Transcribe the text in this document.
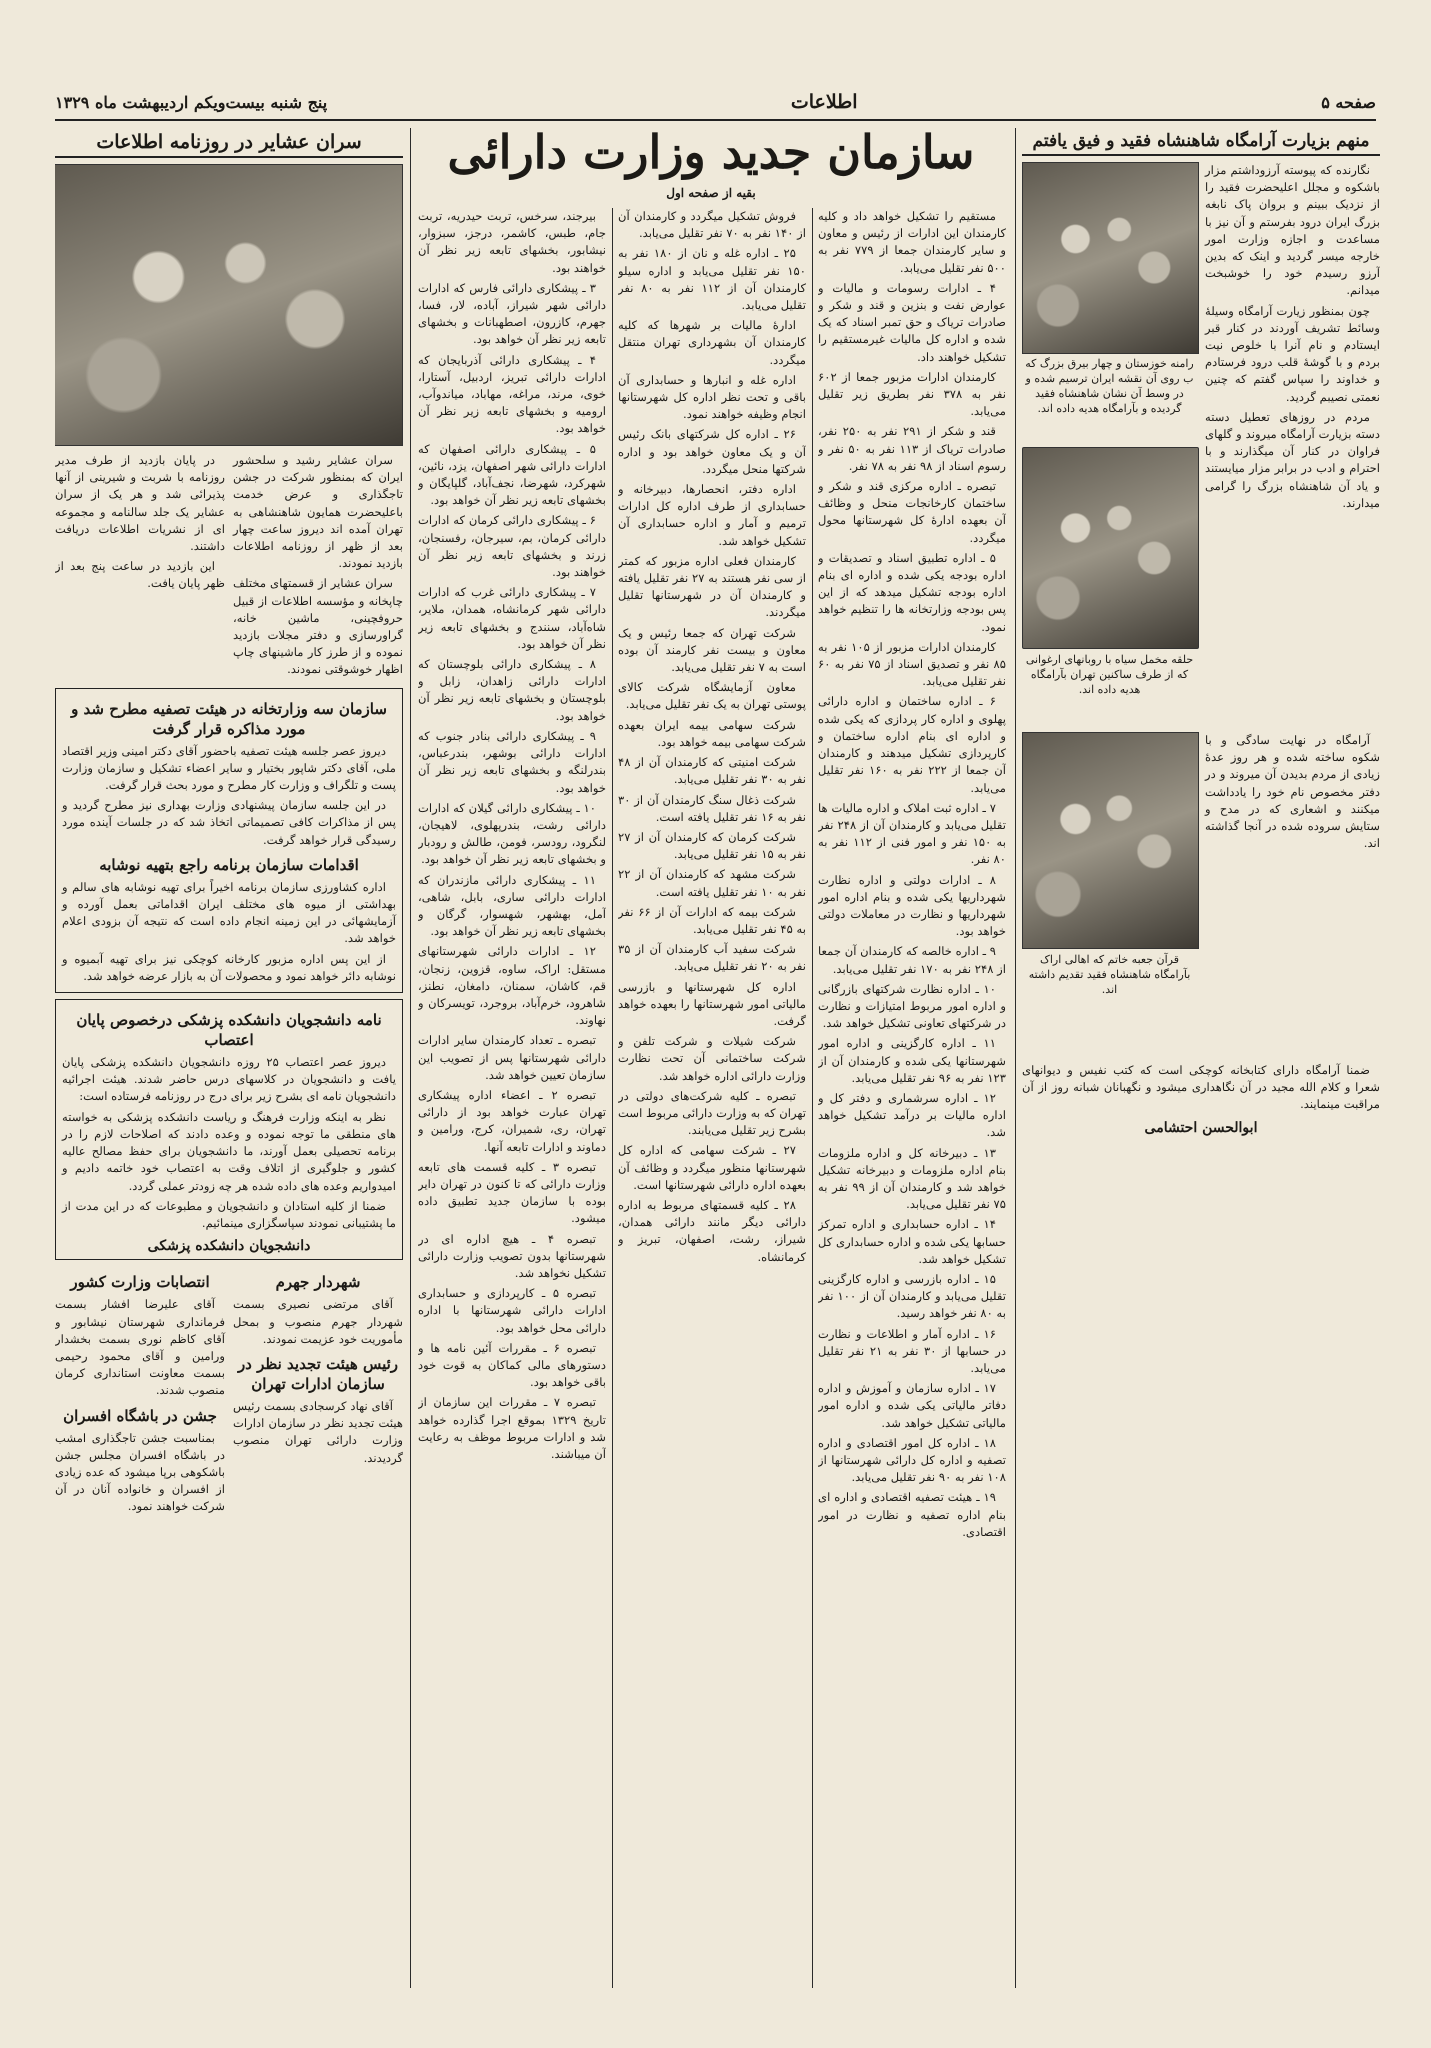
صفحه ۵
اطلاعات
پنج شنبه بیست‌ویکم اردیبهشت ماه ۱۳۲۹
منهم بزیارت آرامگاه شاهنشاه فقید و فیق یافتم
رامنه خوزستان و چهار بیرق بزرگ که ب روی آن نقشه ایران ترسیم شده و در وسط آن نشان شاهنشاه فقید گردیده و بآرامگاه هدیه داده اند.
حلقه مخمل سیاه با روبانهای ارغوانی که از طرف ساکنین تهران بآرامگاه هدیه داده اند.

نگارنده که پیوسته آرزوداشتم مزار باشکوه و مجلل اعلیحضرت فقید را از نزدیک ببینم و بروان پاک نابغه بزرگ ایران درود بفرستم و آن نیز با مساعدت و اجازه وزارت امور خارجه میسر گردید و اینک که بدین آرزو رسیدم خود را خوشبخت میدانم.

چون بمنظور زیارت آرامگاه وسیلهٔ وسائط تشریف آوردند در کنار قبر ایستادم و نام آنرا با خلوص نیت بردم و با گوشهٔ قلب درود فرستادم و خداوند را سپاس گفتم که چنین نعمتی نصیبم گردید.

مردم در روزهای تعطیل دسته دسته بزیارت آرامگاه میروند و گلهای فراوان در کنار آن میگذارند و با احترام و ادب در برابر مزار میایستند و یاد آن شاهنشاه بزرگ را گرامی میدارند.

قرآن جعبه خاتم که اهالی اراک بآرامگاه شاهنشاه فقید تقدیم داشته اند.

آرامگاه در نهایت سادگی و با شکوه ساخته شده و هر روز عدهٔ زیادی از مردم بدیدن آن میروند و در دفتر مخصوص نام خود را یادداشت میکنند و اشعاری که در مدح و ستایش سروده شده در آنجا گذاشته اند.

ضمنا آرامگاه دارای کتابخانه کوچکی است که کتب نفیس و دیوانهای شعرا و کلام الله مجید در آن نگاهداری میشود و نگهبانان شبانه روز از آن مراقبت مینمایند.

ابوالحسن احتشامی
سازمان جدید وزارت دارائی
بقیه از صفحه اول

مستقیم را تشکیل خواهد داد و کلیه کارمندان این ادارات از رئیس و معاون و سایر کارمندان جمعا از ۷۷۹ نفر به ۵۰۰ نفر تقلیل می‌یابد.

۴ ـ ادارات رسومات و مالیات و عوارض نفت و بنزین و قند و شکر و صادرات تریاک و حق تمبر اسناد که یک شده و اداره کل مالیات غیرمستقیم را تشکیل خواهند داد.

کارمندان ادارات مزبور جمعا از ۶۰۲ نفر به ۳۷۸ نفر بطریق زیر تقلیل می‌یابد.

قند و شکر از ۲۹۱ نفر به ۲۵۰ نفر، صادرات تریاک از ۱۱۳ نفر به ۵۰ نفر و رسوم اسناد از ۹۸ نفر به ۷۸ نفر.

تبصره ـ اداره مرکزی قند و شکر و ساختمان کارخانجات منحل و وظائف آن بعهده ادارهٔ کل شهرستانها محول میگردد.

۵ ـ اداره تطبیق اسناد و تصدیقات و اداره بودجه یکی شده و اداره ای بنام اداره بودجه تشکیل میدهد که از این پس بودجه وزارتخانه ها را تنظیم خواهد نمود.

کارمندان ادارات مزبور از ۱۰۵ نفر به ۸۵ نفر و تصدیق اسناد از ۷۵ نفر به ۶۰ نفر تقلیل می‌یابد.

۶ ـ اداره ساختمان و اداره دارائی پهلوی و اداره کار پردازی که یکی شده و اداره ای بنام اداره ساختمان و کارپردازی تشکیل میدهند و کارمندان آن جمعا از ۲۲۲ نفر به ۱۶۰ نفر تقلیل می‌یابد.

۷ ـ اداره ثبت املاک و اداره مالیات ها تقلیل می‌یابد و کارمندان آن از ۲۴۸ نفر به ۱۵۰ نفر و امور فنی از ۱۱۲ نفر به ۸۰ نفر.

۸ ـ ادارات دولتی و اداره نظارت شهرداریها یکی شده و بنام اداره امور شهرداریها و نظارت در معاملات دولتی خواهد بود.

۹ ـ اداره خالصه که کارمندان آن جمعا از ۲۴۸ نفر به ۱۷۰ نفر تقلیل می‌یابد.

۱۰ ـ اداره نظارت شرکتهای بازرگانی و اداره امور مربوط امتیازات و نظارت در شرکتهای تعاونی تشکیل خواهد شد.

۱۱ ـ اداره کارگزینی و اداره امور شهرستانها یکی شده و کارمندان آن از ۱۲۳ نفر به ۹۶ نفر تقلیل می‌یابد.

۱۲ ـ اداره سرشماری و دفتر کل و اداره مالیات بر درآمد تشکیل خواهد شد.

۱۳ ـ دبیرخانه کل و اداره ملزومات بنام اداره ملزومات و دبیرخانه تشکیل خواهد شد و کارمندان آن از ۹۹ نفر به ۷۵ نفر تقلیل می‌یابد.

۱۴ ـ اداره حسابداری و اداره تمرکز حسابها یکی شده و اداره حسابداری کل تشکیل خواهد شد.

۱۵ ـ اداره بازرسی و اداره کارگزینی تقلیل می‌یابد و کارمندان آن از ۱۰۰ نفر به ۸۰ نفر خواهد رسید.

۱۶ ـ اداره آمار و اطلاعات و نظارت در حسابها از ۳۰ نفر به ۲۱ نفر تقلیل می‌یابد.

۱۷ ـ اداره سازمان و آموزش و اداره دفاتر مالیاتی یکی شده و اداره امور مالیاتی تشکیل خواهد شد.

۱۸ ـ اداره کل امور اقتصادی و اداره تصفیه و اداره کل دارائی شهرستانها از ۱۰۸ نفر به ۹۰ نفر تقلیل می‌یابد.

۱۹ ـ هیئت تصفیه اقتصادی و اداره ای بنام اداره تصفیه و نظارت در امور اقتصادی.

فروش تشکیل میگردد و کارمندان آن از ۱۴۰ نفر به ۷۰ نفر تقلیل می‌یابد.

۲۵ ـ اداره غله و نان از ۱۸۰ نفر به ۱۵۰ نفر تقلیل می‌یابد و اداره سیلو کارمندان آن از ۱۱۲ نفر به ۸۰ نفر تقلیل می‌یابد.

ادارهٔ مالیات بر شهرها که کلیه کارمندان آن بشهرداری تهران منتقل میگردد.

اداره غله و انبارها و حسابداری آن باقی و تحت نظر اداره کل شهرستانها انجام وظیفه خواهند نمود.

۲۶ ـ اداره کل شرکتهای بانک رئیس آن و یک معاون خواهد بود و اداره شرکتها منحل میگردد.

اداره دفتر، انحصارها، دبیرخانه و حسابداری از طرف اداره کل ادارات ترمیم و آمار و اداره حسابداری آن تشکیل خواهد شد.

کارمندان فعلی اداره مزبور که کمتر از سی نفر هستند به ۲۷ نفر تقلیل یافته و کارمندان آن در شهرستانها تقلیل میگردند.

شرکت تهران که جمعا رئیس و یک معاون و بیست نفر کارمند آن بوده است به ۷ نفر تقلیل می‌یابد.

معاون آزمایشگاه شرکت کالای پوستی تهران به یک نفر تقلیل می‌یابد.

شرکت سهامی بیمه ایران بعهده شرکت سهامی بیمه خواهد بود.

شرکت امنیتی که کارمندان آن از ۴۸ نفر به ۳۰ نفر تقلیل می‌یابد.

شرکت ذغال سنگ کارمندان آن از ۳۰ نفر به ۱۶ نفر تقلیل یافته است.

شرکت کرمان که کارمندان آن از ۲۷ نفر به ۱۵ نفر تقلیل می‌یابد.

شرکت مشهد که کارمندان آن از ۲۲ نفر به ۱۰ نفر تقلیل یافته است.

شرکت بیمه که ادارات آن از ۶۶ نفر به ۴۵ نفر تقلیل می‌یابد.

شرکت سفید آب کارمندان آن از ۳۵ نفر به ۲۰ نفر تقلیل می‌یابد.

اداره کل شهرستانها و بازرسی مالیاتی امور شهرستانها را بعهده خواهد گرفت.

شرکت شیلات و شرکت تلفن و شرکت ساختمانی آن تحت نظارت وزارت دارائی اداره خواهد شد.

تبصره ـ کلیه شرکت‌های دولتی در تهران که به وزارت دارائی مربوط است بشرح زیر تقلیل می‌یابند.

۲۷ ـ شرکت سهامی که اداره کل شهرستانها منظور میگردد و وظائف آن بعهده اداره دارائی شهرستانها است.

۲۸ ـ کلیه قسمتهای مربوط به اداره دارائی دیگر مانند دارائی همدان، شیراز، رشت، اصفهان، تبریز و کرمانشاه.

بیرجند، سرخس، تربت حیدریه، تربت جام، طبس، کاشمر، درجز، سبزوار، نیشابور، بخشهای تابعه زیر نظر آن خواهند بود.

۳ ـ پیشکاری دارائی فارس که ادارات دارائی شهر شیراز، آباده، لار، فسا، جهرم، کازرون، اصطهبانات و بخشهای تابعه زیر نظر آن خواهد بود.

۴ ـ پیشکاری دارائی آذربایجان که ادارات دارائی تبریز، اردبیل، آستارا، خوی، مرند، مراغه، مهاباد، میاندوآب، ارومیه و بخشهای تابعه زیر نظر آن خواهد بود.

۵ ـ پیشکاری دارائی اصفهان که ادارات دارائی شهر اصفهان، یزد، نائین، شهرکرد، شهرضا، نجف‌آباد، گلپایگان و بخشهای تابعه زیر نظر آن خواهد بود.

۶ ـ پیشکاری دارائی کرمان که ادارات دارائی کرمان، بم، سیرجان، رفسنجان، زرند و بخشهای تابعه زیر نظر آن خواهند بود.

۷ ـ پیشکاری دارائی غرب که ادارات دارائی شهر کرمانشاه، همدان، ملایر، شاه‌آباد، سنندج و بخشهای تابعه زیر نظر آن خواهد بود.

۸ ـ پیشکاری دارائی بلوچستان که ادارات دارائی زاهدان، زابل و بلوچستان و بخشهای تابعه زیر نظر آن خواهد بود.

۹ ـ پیشکاری دارائی بنادر جنوب که ادارات دارائی بوشهر، بندرعباس، بندرلنگه و بخشهای تابعه زیر نظر آن خواهد بود.

۱۰ ـ پیشکاری دارائی گیلان که ادارات دارائی رشت، بندرپهلوی، لاهیجان، لنگرود، رودسر، فومن، طالش و رودبار و بخشهای تابعه زیر نظر آن خواهد بود.

۱۱ ـ پیشکاری دارائی مازندران که ادارات دارائی ساری، بابل، شاهی، آمل، بهشهر، شهسوار، گرگان و بخشهای تابعه زیر نظر آن خواهد بود.

۱۲ ـ ادارات دارائی شهرستانهای مستقل: اراک، ساوه، قزوین، زنجان، قم، کاشان، سمنان، دامغان، نطنز، شاهرود، خرم‌آباد، بروجرد، تویسرکان و نهاوند.

تبصره ـ تعداد کارمندان سایر ادارات دارائی شهرستانها پس از تصویب این سازمان تعیین خواهد شد.

تبصره ۲ ـ اعضاء اداره پیشکاری تهران عبارت خواهد بود از دارائی تهران، ری، شمیران، کرج، ورامین و دماوند و ادارات تابعه آنها.

تبصره ۳ ـ کلیه قسمت های تابعه وزارت دارائی که تا کنون در تهران دایر بوده با سازمان جدید تطبیق داده میشود.

تبصره ۴ ـ هیچ اداره ای در شهرستانها بدون تصویب وزارت دارائی تشکیل نخواهد شد.

تبصره ۵ ـ کارپردازی و حسابداری ادارات دارائی شهرستانها با اداره دارائی محل خواهد بود.

تبصره ۶ ـ مقررات آئین نامه ها و دستورهای مالی کماکان به قوت خود باقی خواهد بود.

تبصره ۷ ـ مقررات این سازمان از تاریخ ۱۳۲۹ بموقع اجرا گذارده خواهد شد و ادارات مربوط موظف به رعایت آن میباشند.

سران عشایر در روزنامه اطلاعات

سران عشایر رشید و سلحشور ایران که بمنظور شرکت در جشن تاجگذاری و عرض خدمت باعلیحضرت همایون شاهنشاهی به تهران آمده اند دیروز ساعت چهار بعد از ظهر از روزنامه اطلاعات بازدید نمودند.

سران عشایر از قسمتهای مختلف چاپخانه و مؤسسه اطلاعات از قبیل حروفچینی، ماشین خانه، گراورسازی و دفتر مجلات بازدید نموده و از طرز کار ماشینهای چاپ اظهار خوشوقتی نمودند.

در پایان بازدید از طرف مدیر روزنامه با شربت و شیرینی از آنها پذیرائی شد و هر یک از سران عشایر یک جلد سالنامه و مجموعه ای از نشریات اطلاعات دریافت داشتند.

این بازدید در ساعت پنج بعد از ظهر پایان یافت.

سازمان سه وزارتخانه در هیئت تصفیه مطرح شد و مورد مذاکره قرار گرفت

دیروز عصر جلسه هیئت تصفیه باحضور آقای دکتر امینی وزیر اقتصاد ملی، آقای دکتر شاپور بختیار و سایر اعضاء تشکیل و سازمان وزارت پست و تلگراف و وزارت کار مطرح و مورد بحث قرار گرفت.

در این جلسه سازمان پیشنهادی وزارت بهداری نیز مطرح گردید و پس از مذاکرات کافی تصمیماتی اتخاذ شد که در جلسات آینده مورد رسیدگی قرار خواهد گرفت.

اقدامات سازمان برنامه راجع بتهیه نوشابه

اداره کشاورزی سازمان برنامه اخیراً برای تهیه نوشابه های سالم و بهداشتی از میوه های مختلف ایران اقداماتی بعمل آورده و آزمایشهائی در این زمینه انجام داده است که نتیجه آن بزودی اعلام خواهد شد.

از این پس اداره مزبور کارخانه کوچکی نیز برای تهیه آبمیوه و نوشابه دائر خواهد نمود و محصولات آن به بازار عرضه خواهد شد.

نامه دانشجویان دانشکده پزشکی درخصوص پایان اعتصاب

دیروز عصر اعتصاب ۲۵ روزه دانشجویان دانشکده پزشکی پایان یافت و دانشجویان در کلاسهای درس حاضر شدند. هیئت اجرائیه دانشجویان نامه ای بشرح زیر برای درج در روزنامه فرستاده است:

نظر به اینکه وزارت فرهنگ و ریاست دانشکده پزشکی به خواسته های منطقی ما توجه نموده و وعده دادند که اصلاحات لازم را در برنامه تحصیلی بعمل آورند، ما دانشجویان برای حفظ مصالح عالیه کشور و جلوگیری از اتلاف وقت به اعتصاب خود خاتمه دادیم و امیدواریم وعده های داده شده هر چه زودتر عملی گردد.

ضمنا از کلیه استادان و دانشجویان و مطبوعات که در این مدت از ما پشتیبانی نمودند سپاسگزاری مینمائیم.

دانشجویان دانشکده پزشکی
شهردار جهرم

آقای مرتضی نصیری بسمت شهردار جهرم منصوب و بمحل مأموریت خود عزیمت نمودند.

رئیس هیئت تجدید نظر در سازمان ادارات تهران

آقای نهاد کرسجادی بسمت رئیس هیئت تجدید نظر در سازمان ادارات وزارت دارائی تهران منصوب گردیدند.

انتصابات وزارت کشور

آقای علیرضا افشار بسمت فرمانداری شهرستان نیشابور و آقای کاظم نوری بسمت بخشدار ورامین و آقای محمود رحیمی بسمت معاونت استانداری کرمان منصوب شدند.

جشن در باشگاه افسران

بمناسبت جشن تاجگذاری امشب در باشگاه افسران مجلس جشن باشکوهی برپا میشود که عده زیادی از افسران و خانواده آنان در آن شرکت خواهند نمود.
